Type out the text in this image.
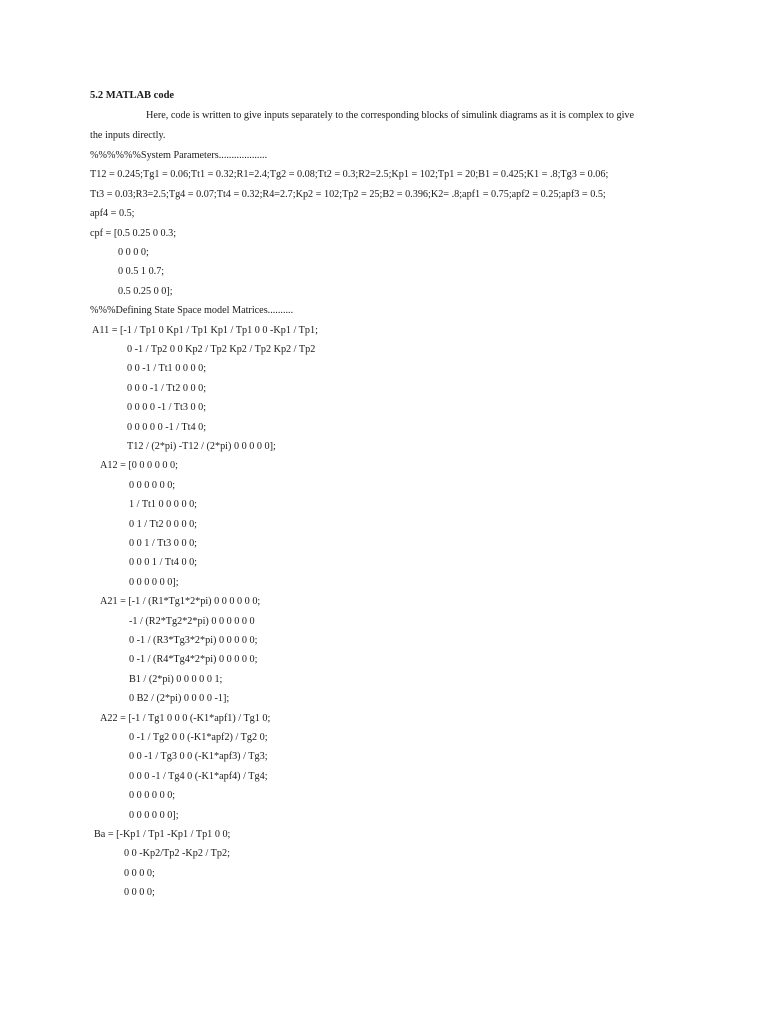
5.2 MATLAB code
Here, code is written to give inputs separately to the corresponding blocks of simulink diagrams as it is complex to give
the inputs directly.
%%%%%%System Parameters...................
T12 = 0.245;Tg1 = 0.06;Tt1 = 0.32;R1=2.4;Tg2 = 0.08;Tt2 = 0.3;R2=2.5;Kp1 = 102;Tp1 = 20;B1 = 0.425;K1 = .8;Tg3 = 0.06;
Tt3 = 0.03;R3=2.5;Tg4 = 0.07;Tt4 = 0.32;R4=2.7;Kp2 = 102;Tp2 = 25;B2 = 0.396;K2= .8;apf1 = 0.75;apf2 = 0.25;apf3 = 0.5;
apf4 = 0.5;
cpf = [0.5 0.25 0 0.3;
0 0 0 0;
0 0.5 1 0.7;
0.5 0.25 0 0];
%%%Defining State Space model Matrices..........
A11 = [-1 / Tp1 0 Kp1 / Tp1 Kp1 / Tp1 0 0 -Kp1 / Tp1;
0 -1 / Tp2 0 0 Kp2 / Tp2 Kp2 / Tp2 Kp2 / Tp2
0 0 -1 / Tt1 0 0 0 0;
0 0 0 -1 / Tt2 0 0 0;
0 0 0 0 -1 / Tt3 0 0;
0 0 0 0 0 -1 / Tt4 0;
T12 / (2*pi) -T12 / (2*pi) 0 0 0 0 0];
A12 = [0 0 0 0 0 0;
0 0 0 0 0 0;
1 / Tt1 0 0 0 0 0;
0 1 / Tt2 0 0 0 0;
0 0 1 / Tt3 0 0 0;
0 0 0 1 / Tt4 0 0;
0 0 0 0 0 0];
A21 = [-1 / (R1*Tg1*2*pi) 0 0 0 0 0 0;
-1 / (R2*Tg2*2*pi) 0 0 0 0 0 0
0 -1 / (R3*Tg3*2*pi) 0 0 0 0 0;
0 -1 / (R4*Tg4*2*pi) 0 0 0 0 0;
B1 / (2*pi) 0 0 0 0 0 1;
0 B2 / (2*pi) 0 0 0 0 -1];
A22 = [-1 / Tg1 0 0 0 (-K1*apf1) / Tg1 0;
0 -1 / Tg2 0 0 (-K1*apf2) / Tg2 0;
0 0 -1 / Tg3 0 0 (-K1*apf3) / Tg3;
0 0 0 -1 / Tg4 0 (-K1*apf4) / Tg4;
0 0 0 0 0 0;
0 0 0 0 0 0];
Ba = [-Kp1 / Tp1 -Kp1 / Tp1 0 0;
0 0 -Kp2/Tp2 -Kp2 / Tp2;
0 0 0 0;
0 0 0 0;
